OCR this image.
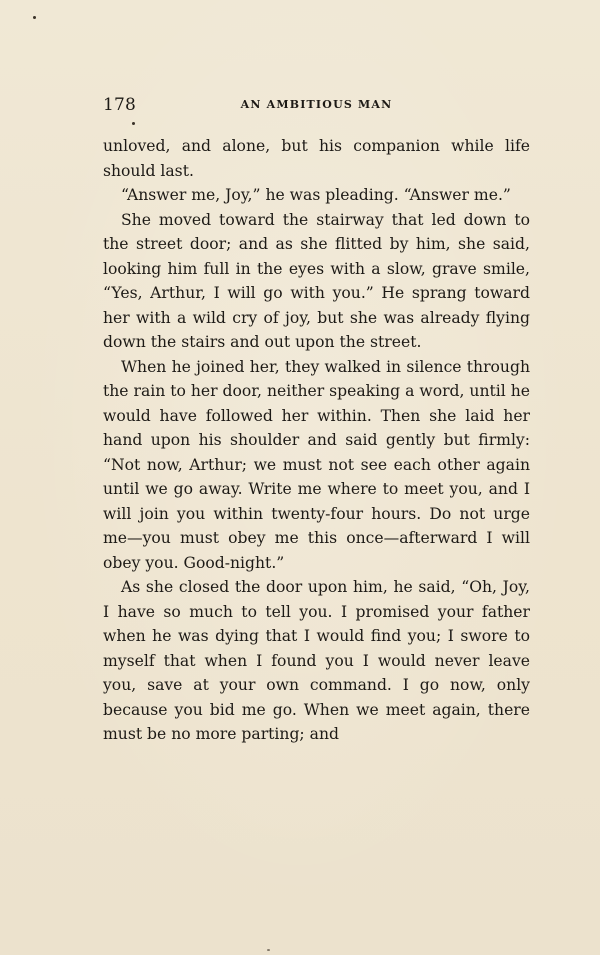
178	AN AMBITIOUS MAN

unloved, and alone, but his companion while life should last.

“Answer me, Joy,” he was pleading. “Answer me.”

She moved toward the stairway that led down to the street door; and as she flitted by him, she said, looking him full in the eyes with a slow, grave smile, “Yes, Arthur, I will go with you.” He sprang toward her with a wild cry of joy, but she was already flying down the stairs and out upon the street.

When he joined her, they walked in silence through the rain to her door, neither speaking a word, until he would have followed her within. Then she laid her hand upon his shoulder and said gently but firmly: “Not now, Arthur; we must not see each other again until we go away. Write me where to meet you, and I will join you within twenty-four hours. Do not urge me—you must obey me this once—afterward I will obey you. Good-night.”

As she closed the door upon him, he said, “Oh, Joy, I have so much to tell you. I promised your father when he was dying that I would find you; I swore to myself that when I found you I would never leave you, save at your own command. I go now, only because you bid me go. When we meet again, there must be no more parting; and
